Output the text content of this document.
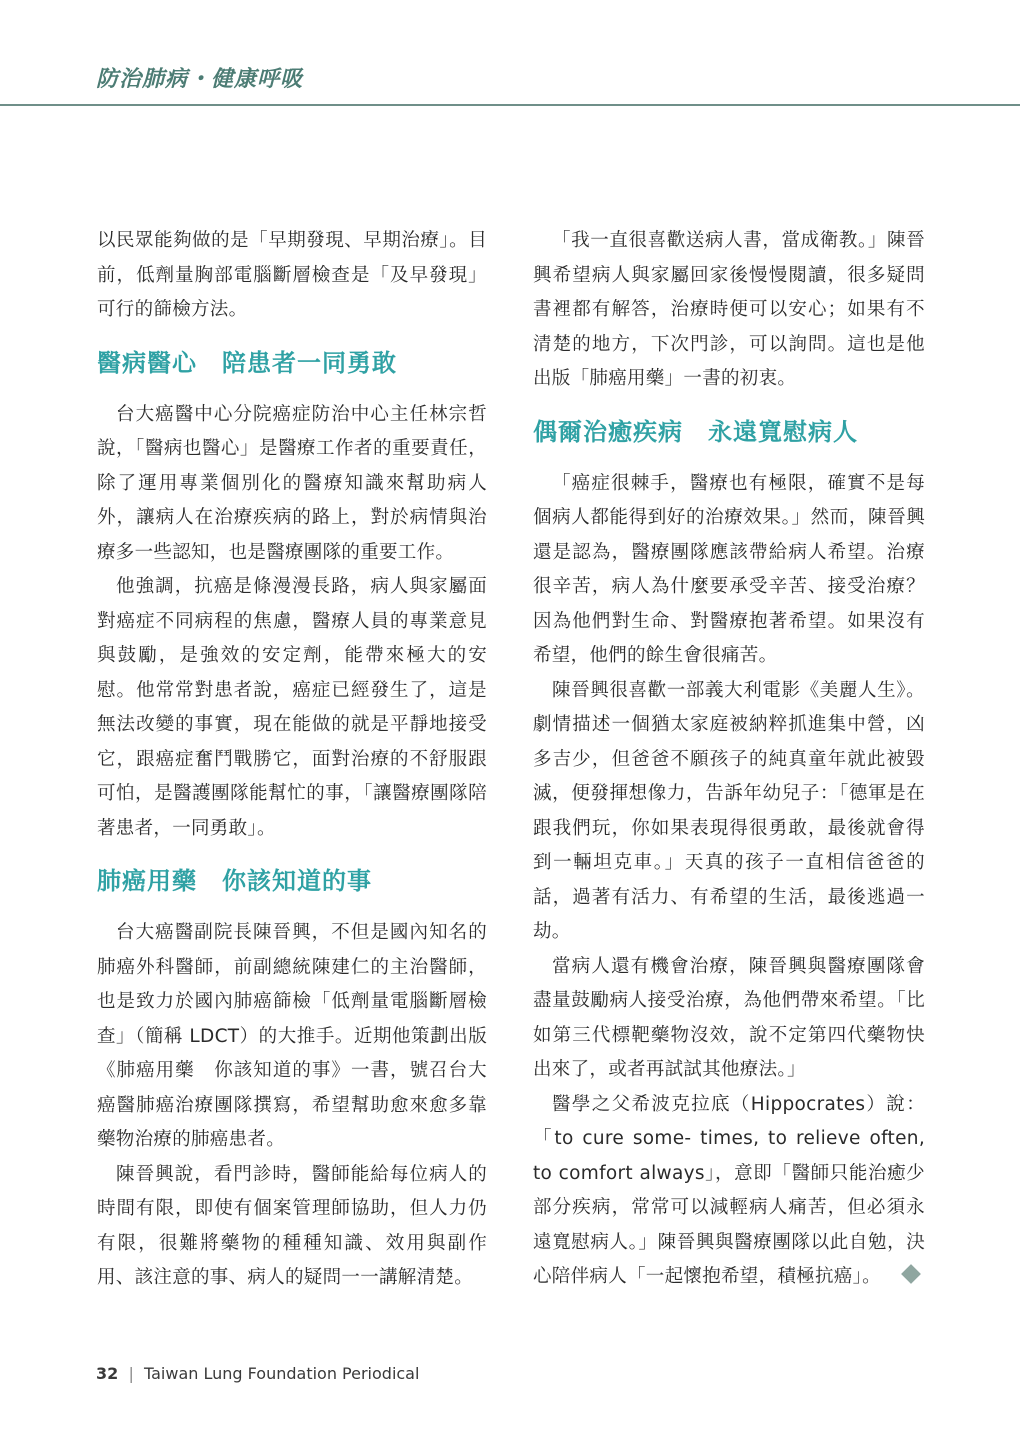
防治肺病・健康呼吸

以民眾能夠做的是「早期發現、早期治療」。目前，低劑量胸部電腦斷層檢查是「及早發現」可行的篩檢方法。

醫病醫心　陪患者一同勇敢

台大癌醫中心分院癌症防治中心主任林宗哲說，「醫病也醫心」是醫療工作者的重要責任，除了運用專業個別化的醫療知識來幫助病人外，讓病人在治療疾病的路上，對於病情與治療多一些認知，也是醫療團隊的重要工作。

他強調，抗癌是條漫漫長路，病人與家屬面對癌症不同病程的焦慮，醫療人員的專業意見與鼓勵，是強效的安定劑，能帶來極大的安慰。他常常對患者說，癌症已經發生了，這是無法改變的事實，現在能做的就是平靜地接受它，跟癌症奮鬥戰勝它，面對治療的不舒服跟可怕，是醫護團隊能幫忙的事，「讓醫療團隊陪著患者，一同勇敢」。

肺癌用藥　你該知道的事

台大癌醫副院長陳晉興，不但是國內知名的肺癌外科醫師，前副總統陳建仁的主治醫師，也是致力於國內肺癌篩檢「低劑量電腦斷層檢查」（簡稱 LDCT）的大推手。近期他策劃出版《肺癌用藥　你該知道的事》一書，號召台大癌醫肺癌治療團隊撰寫，希望幫助愈來愈多靠藥物治療的肺癌患者。

陳晉興說，看門診時，醫師能給每位病人的時間有限，即使有個案管理師協助，但人力仍有限，很難將藥物的種種知識、效用與副作用、該注意的事、病人的疑問一一講解清楚。

「我一直很喜歡送病人書，當成衛教。」陳晉興希望病人與家屬回家後慢慢閱讀，很多疑問書裡都有解答，治療時便可以安心；如果有不清楚的地方，下次門診，可以詢問。這也是他出版「肺癌用藥」一書的初衷。

偶爾治癒疾病　永遠寬慰病人

「癌症很棘手，醫療也有極限，確實不是每個病人都能得到好的治療效果。」然而，陳晉興還是認為，醫療團隊應該帶給病人希望。治療很辛苦，病人為什麼要承受辛苦、接受治療？因為他們對生命、對醫療抱著希望。如果沒有希望，他們的餘生會很痛苦。

陳晉興很喜歡一部義大利電影《美麗人生》。劇情描述一個猶太家庭被納粹抓進集中營，凶多吉少，但爸爸不願孩子的純真童年就此被毀滅，便發揮想像力，告訴年幼兒子：「德軍是在跟我們玩，你如果表現得很勇敢，最後就會得到一輛坦克車。」天真的孩子一直相信爸爸的話，過著有活力、有希望的生活，最後逃過一劫。

當病人還有機會治療，陳晉興與醫療團隊會盡量鼓勵病人接受治療，為他們帶來希望。「比如第三代標靶藥物沒效，說不定第四代藥物快出來了，或者再試試其他療法。」

醫學之父希波克拉底（Hippocrates）說：「to cure some- times, to relieve often, to comfort always」，意即「醫師只能治癒少部分疾病，常常可以減輕病人痛苦，但必須永遠寬慰病人。」陳晉興與醫療團隊以此自勉，決心陪伴病人「一起懷抱希望，積極抗癌」。

32 | Taiwan Lung Foundation Periodical
